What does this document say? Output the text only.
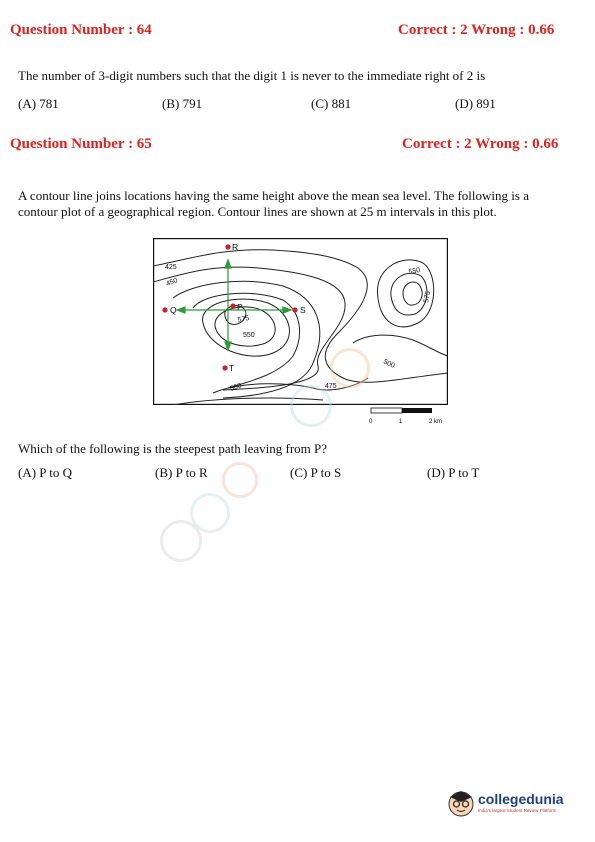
Question Number : 64	Correct : 2 Wrong : 0.66
The number of 3-digit numbers such that the digit 1 is never to the immediate right of 2 is
(A) 781	(B) 791	(C) 881	(D) 891
Question Number : 65	Correct : 2 Wrong : 0.66
A contour line joins locations having the same height above the mean sea level. The following is a
contour plot of a geographical region. Contour lines are shown at 25 m intervals in this plot.
R
P
Q	S
T
425
450
575
550
500
475
500
550
575
0	1	2 km
Which of the following is the steepest path leaving from P?
(A) P to Q	(B) P to R	(C) P to S	(D) P to T
collegedunia
India's largest Student Review Platform
